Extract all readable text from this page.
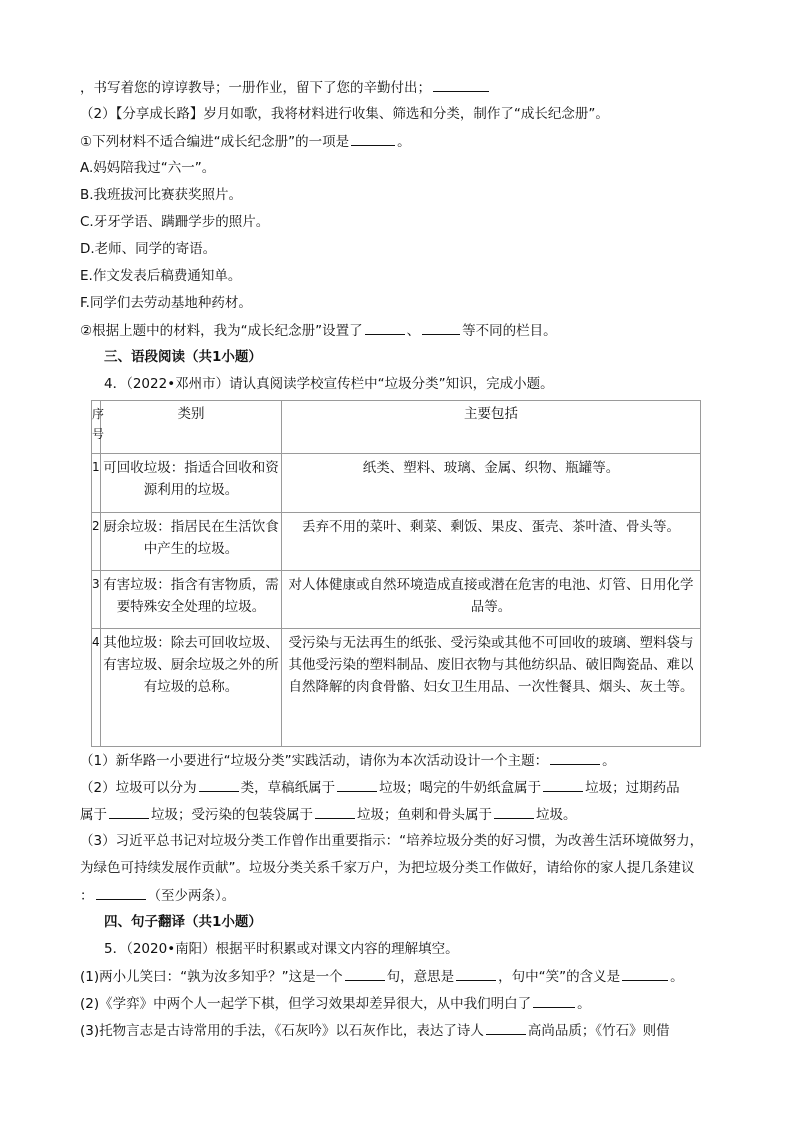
，书写着您的谆谆教导；一册作业，留下了您的辛勤付出；
（2）【分享成长路】岁月如歌，我将材料进行收集、筛选和分类，制作了“成长纪念册”。
①下列材料不适合编进“成长纪念册”的一项是	。
A.妈妈陪我过“六一”。
B.我班拔河比赛获奖照片。
C.牙牙学语、蹒跚学步的照片。
D.老师、同学的寄语。
E.作文发表后稿费通知单。
F.同学们去劳动基地种药材。
②根据上题中的材料，我为“成长纪念册”设置了	、	等不同的栏目。
三、语段阅读（共1小题）
4．（2022•邓州市）请认真阅读学校宣传栏中“垃圾分类”知识，完成小题。
序号	类别	主要包括
1	可回收垃圾：指适合回收和资源利用的垃圾。	纸类、塑料、玻璃、金属、织物、瓶罐等。
2	厨余垃圾：指居民在生活饮食中产生的垃圾。	丢弃不用的菜叶、剩菜、剩饭、果皮、蛋壳、茶叶渣、骨头等。
3	有害垃圾：指含有害物质，需要特殊安全处理的垃圾。	对人体健康或自然环境造成直接或潜在危害的电池、灯管、日用化学品等。
4	其他垃圾：除去可回收垃圾、有害垃圾、厨余垃圾之外的所有垃圾的总称。	受污染与无法再生的纸张、受污染或其他不可回收的玻璃、塑料袋与其他受污染的塑料制品、废旧衣物与其他纺织品、破旧陶瓷品、难以自然降解的肉食骨骼、妇女卫生用品、一次性餐具、烟头、灰土等。
（1）新华路一小要进行“垃圾分类”实践活动，请你为本次活动设计一个主题：	。
（2）垃圾可以分为	类，草稿纸属于	垃圾；喝完的牛奶纸盒属于	垃圾；过期药品
属于	垃圾；受污染的包装袋属于	垃圾；鱼刺和骨头属于	垃圾。
（3）习近平总书记对垃圾分类工作曾作出重要指示：“培养垃圾分类的好习惯，为改善生活环境做努力，
为绿色可持续发展作贡献”。垃圾分类关系千家万户，为把垃圾分类工作做好，请给你的家人提几条建议
：	（至少两条）。
四、句子翻译（共1小题）
5．（2020•南阳）根据平时积累或对课文内容的理解填空。
(1)两小儿笑曰：“孰为汝多知乎？”这是一个	句，意思是	，句中“笑”的含义是	。
(2)《学弈》中两个人一起学下棋，但学习效果却差异很大，从中我们明白了	。
(3)托物言志是古诗常用的手法，《石灰吟》以石灰作比，表达了诗人	高尚品质；《竹石》则借
